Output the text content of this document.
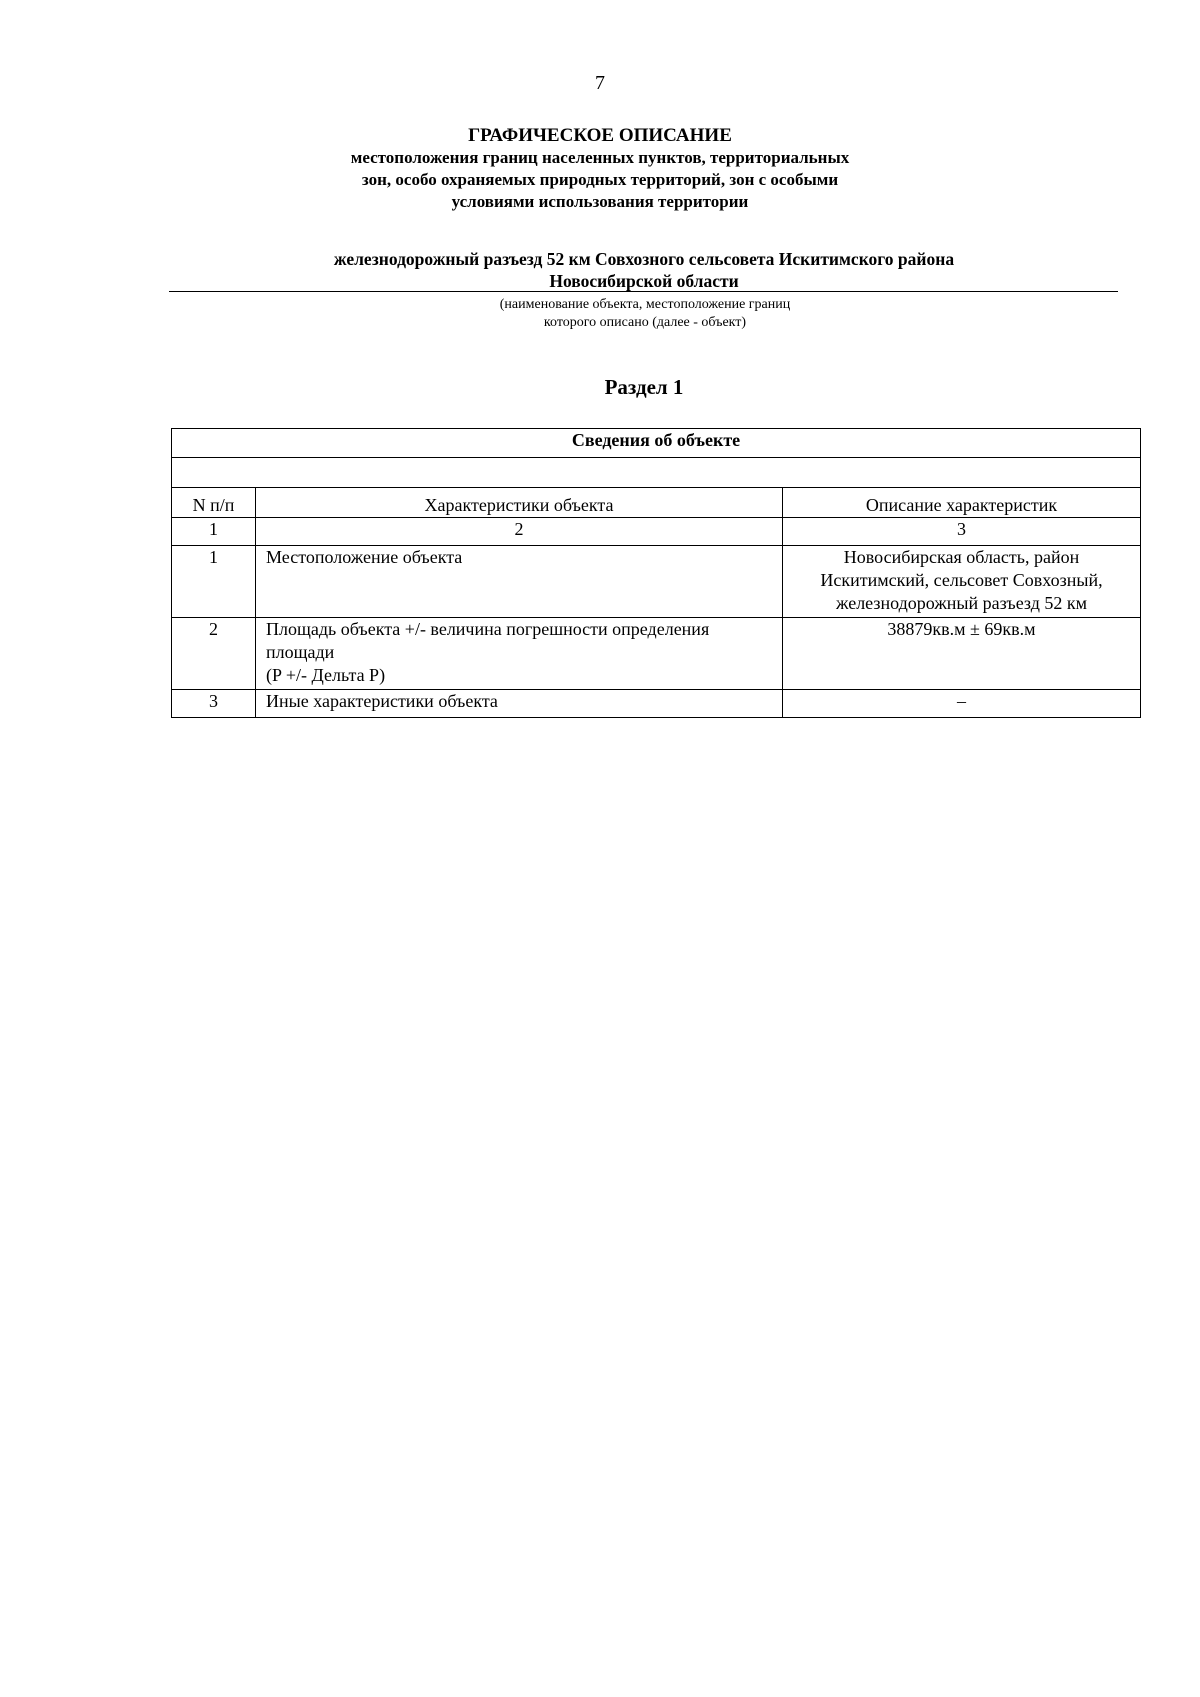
7
ГРАФИЧЕСКОЕ ОПИСАНИЕ
местоположения границ населенных пунктов, территориальных
зон, особо охраняемых природных территорий, зон с особыми
условиями использования территории
железнодорожный разъезд 52 км Совхозного сельсовета Искитимского района
Новосибирской области
(наименование объекта, местоположение границ
которого описано (далее - объект)
Раздел 1
Сведения об объекте		

N п/п	Характеристики объекта	Описание характеристик
1	2	3
1	Местоположение объекта	Новосибирская область, район
Искитимский, сельсовет Совхозный,
железнодорожный разъезд 52 км

2	Площадь объекта +/- величина погрешности определения
площади
(P +/- Дельта P)	38879кв.м ± 69кв.м

3	Иные характеристики объекта	–
